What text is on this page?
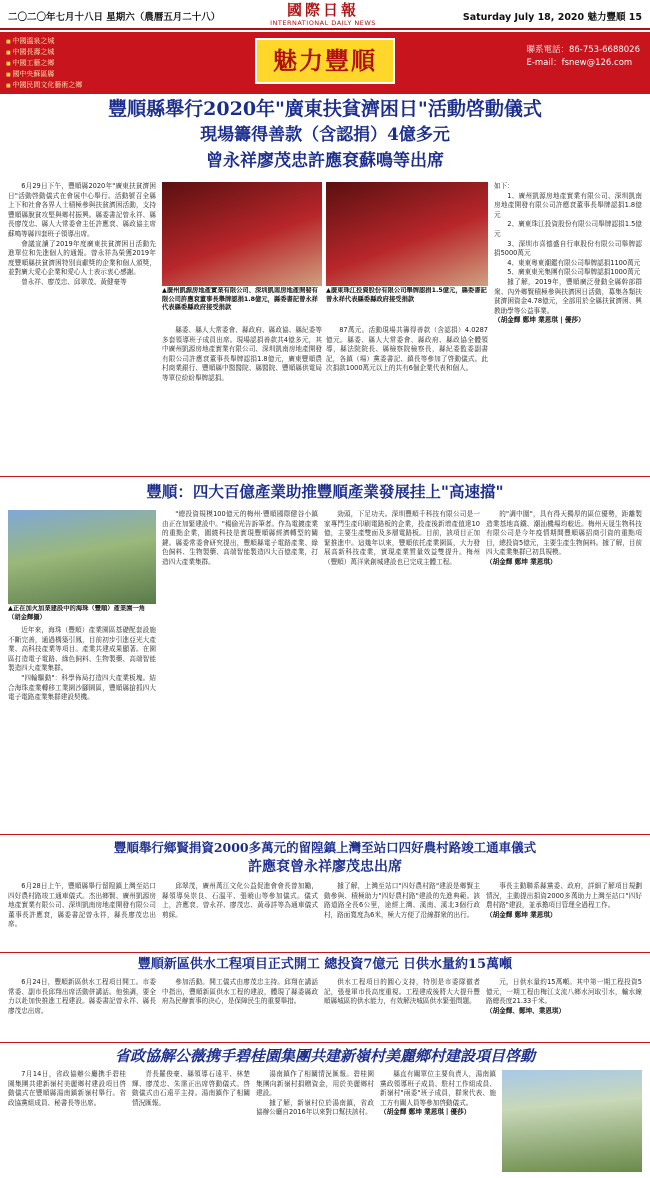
二〇二〇年七月十八日 星期六（農曆五月二十八）	國際日報
INTERNATIONAL DAILY NEWS	Saturday July 18, 2020 魅力豐順 15
■ 中國溫泉之城
■ 中國長壽之城
■ 中國工藝之鄉
■ 國中央蘇區縣
■ 中國民間文化藝術之鄉
魅力豐順	聯系電話：86-753-6688026
E-mail：fsnew@126.com
豐順縣舉行2020年"廣東扶貧濟困日"活動啓動儀式
現場籌得善款（含認捐）4億多元
曾永祥廖茂忠許應袞蘇鳴等出席

6月29日下午，豐順縣2020年"廣東扶貧濟困日"活動啓動儀式在會展中心舉行。活動號召全縣上下和社會各界人士積極參與扶貧濟困活動，支持豐順縣脫貧攻堅與鄉村振興。縣委書記曾永祥、縣長廖茂忠、縣人大常委會主任許應袞、縣政協主席蘇鳴等縣四套班子領導出席。

會議宣讀了2019年度廣東扶貧濟困日活動先進單位和先進個人的通報。曾永祥為榮獲2019年度豐順縣扶貧濟困特別貢獻獎的企業和個人頒獎，並對廣大愛心企業和愛心人士表示衷心感謝。

曾永祥、廖茂忠、邱翠茂、黃健豪等

▲ 廣州凱源房地產實業有限公司、深圳凱南房地產開發有限公司許應袞董事長舉牌認捐1.8億元，縣委書記曾永祥代表縣委縣政府接受捐款
▲ 廣東珠江投資股份有限公司舉牌認捐1.5億元，縣委書記曾永祥代表縣委縣政府接受捐款

縣委、縣人大常委會、縣政府、縣政協、縣紀委等多套領導班子成員出席。現場認捐善款共4億多元，其中廣州凱源房地產實業有限公司、深圳凱南房地產開發有限公司許應袞董事長舉牌認捐1.8億元，廣東豐順農村商業銀行、豐順縣中醫醫院、縣醫院、豐順縣供電局等單位紛紛舉牌認捐。

87萬元。活動現場共籌得善款（含認捐）4.0287億元。縣委、縣人大常委會、縣政府、縣政協全體領導，縣法院院長、縣檢察院檢察長，縣紀委監委副書記，各鎮（場）黨委書記、鎮長等參加了啓動儀式。此次捐款1000萬元以上的共有6個企業代表和個人。

如下：

1、廣州凱源房地產實業有限公司、深圳凱南房地產開發有限公司許應袞董事長舉牌認捐1.8億元

2、廣東珠江投資股份有限公司舉牌認捐1.5億元

3、深圳市喜德盛自行車股份有限公司舉牌認捐5000萬元

4、東東粵東潮鑑有限公司舉牌認捐1100萬元

5、廣東東光集團有限公司舉牌認捐1000萬元

據了解，2019年，豐順廣泛發動全縣幹部群衆、內外鄉賢積極參與扶濟困日活動，募集各類扶貧濟困資金4.78億元，全部用於全縣扶貧濟困、興教助學等公益事業。

（胡金輝 鄭坤 業恩琪 | 優莎）
豐順：四大百億產業助推豐順產業發展挂上"高速擋"
▲ 正在加火加業建設中的海珠（豐順）產業園一角（胡金輝攝）

近年來，海珠（豐順）產業園區基礎配套設施不斷完善，通過構築引鳳，目前初步引進亞光大產業、高科技產業等項目。產業共建成果顯著。在園區打造電子電路、綠色飼料、生物製藥、高端智能製造四大產業集群。

"四輪驅動"：科學佈局打造四大產業板塊。結合海珠產業轉移工業園沙腳園區，豐順縣搶抓四大電子電路產業集群建設契機。

"總投資規模100億元的梅州·豐順國際健谷小鎮由正在加緊建設中。"楊偷光告訴筆者。作為電鍍產業的重點企業，圍繞科技是實現豐順縣經濟轉型的關鍵。縣委常委會研究提出，豐順縣電子電路產業、綠色飼料、生物製藥、高端智能製造四大百億產業，打造四大產業集群。

勁頭，下足功夫。深圳豐順千科技有限公司是一家專門生產印刷電路板的企業，投產後新增產值達10億，主要生產雙面及多層電路板。目前，該項目正加緊推進中。這幾年以來，豐順依托產業園區，大力發展高新科技產業，實現產業質量效益雙提升。梅州（豐順）萬洋衆創城建設也已完成主體工程。

的"調中圍"，具有得天獨厚的區位優勢，距離製造業基地高鐵、潮汕機場均較近。梅州天晟生物科技有限公司是今年疫情期間豐順縣招商引資的重點項目，總投資5億元，主要生產生物飼料。據了解，目前四大產業集群已初具規模。

（胡金輝 鄭坤 業恩琪）
豐順舉行鄉賢捐資2000多萬元的留隍鎮上灣至站口四好農村路竣工通車儀式
許應袞曾永祥廖茂忠出席

6月28日上午，豐順縣舉行留隍鎮上灣至站口四好農村路竣工通車儀式。杰出鄉賢、廣州凱源房地產實業有限公司、深圳凱南房地產開發有限公司董事長許應袞，縣委書記曾永祥，縣長廖茂忠出席。

邱翠茂，廣州萬江文化公益促進會會長曾加勵，縣領導吳崇良、石溫平、張曉山等參加儀式。儀式上，許應袞、曾永祥、廖茂忠、黃尋詳等為通車儀式剪綵。

據了解，上灣至站口"四好農村路"建設是鄉賢主動參與、積極助力"四好農村路"建設的先進典範。該路道路全長6公里，途經上灣、溪南、溪北3個行政村，路面寬度為6米，極大方便了沿線群衆的出行。

事長主動聯系縣黨委、政府，詳細了解項目規劃情況，主動提出捐資2000多萬助力上灣至站口"四好農村路"建設，並承擔項目管理全過程工作。

（胡金輝 鄭坤 業恩琪）
豐順新區供水工程項目正式開工 總投資7億元 日供水量約15萬噸

6月24日，豐順新區供水工程項目開工。市委常委、副市長邱翔出席活動併講話。他強調，要全力以赴加快推進工程建設。縣委書記曾永祥、縣長廖茂忠出席。

參加活動。開工儀式由廖茂忠主持。邱翔在講話中指出，豐順新區供水工程的建設，體現了縣委縣政府為民辦實事的決心，是保障民生的重要舉措。

供水工程項目的圓心支持，特別是市委隊徹者記，張曼軍市長高度重視。工程建成後將大大提升豐順縣城區的供水能力，有效解決城區供水緊張問題。

元，日供水量約15萬噸。其中第一期工程投資5億元，一期工程由梅江支流八鄉水河取引水，輸水線路總長度21.33千米。

（胡金輝、鄭坤、業恩琪）
省政協解公薇携手碧桂園集團共建新嶺村美麗鄉村建設項目啓動

7月14日，省政協辦公廳携手碧桂園集團共建新嶺村美麗鄉村建設項目啓動儀式在豐順縣湯南鎮新嶺村舉行。省政協黨組成員、秘書長等出席。

青長羅俊豪、縣領導石遠平、林楚輝、廖茂忠、朱霈正出席啓動儀式。啓動儀式由石遠平主持。湯南鎮作了相關情況匯報。

湯南鎮作了相關情況匯報。碧桂園集團向新嶺村捐贈資金，用於美麗鄉村建設。

據了解，新嶺村位於湯南鎮，省政協辦公廳自2016年以來對口幫扶該村。

縣直有關單位主要負責人，湯南鎮黨政領導班子成員、駐村工作組成員、新嶺村"兩委"班子成員，群衆代表、施工方有關人員等參加啓動儀式。

（胡金輝 鄭坤 業恩琪丨優莎）
